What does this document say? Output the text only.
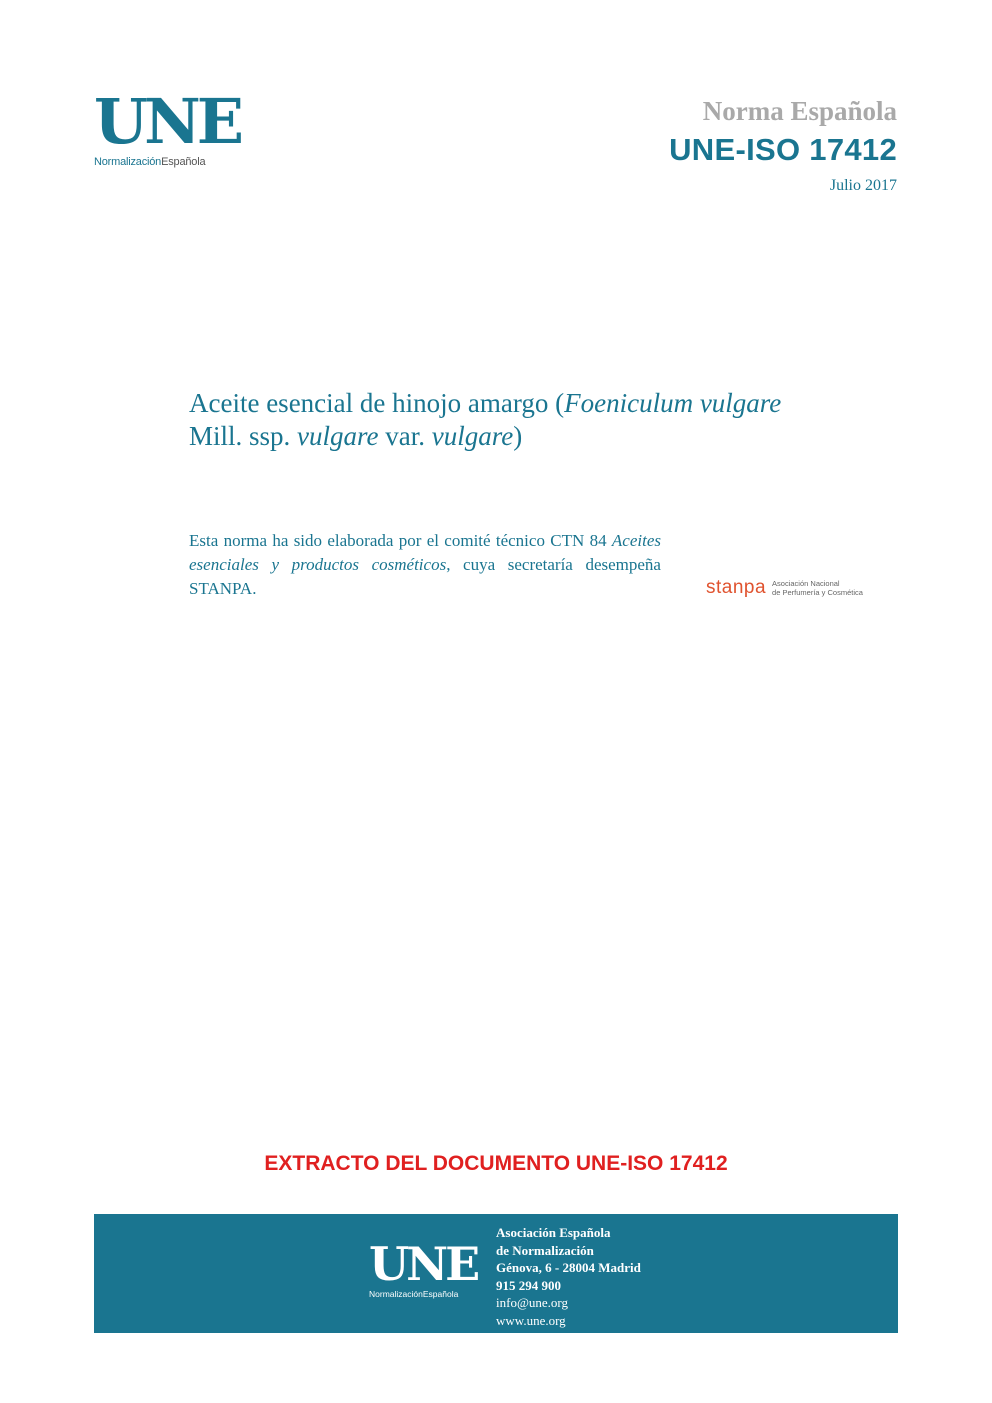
UNE
NormalizaciónEspañola
Norma Española
UNE-ISO 17412
Julio 2017
Aceite esencial de hinojo amargo (Foeniculum vulgare
Mill. ssp. vulgare var. vulgare)
Esta norma ha sido elaborada por el comité técnico CTN 84 Aceites esenciales y productos cosméticos, cuya secretaría desempeña STANPA.	stanpa Asociación Nacional
de Perfumería y Cosmética
EXTRACTO DEL DOCUMENTO UNE-ISO 17412
UNE
NormalizaciónEspañola
Asociación Española
de Normalización
Génova, 6 - 28004 Madrid
915 294 900
info@une.org
www.une.org
